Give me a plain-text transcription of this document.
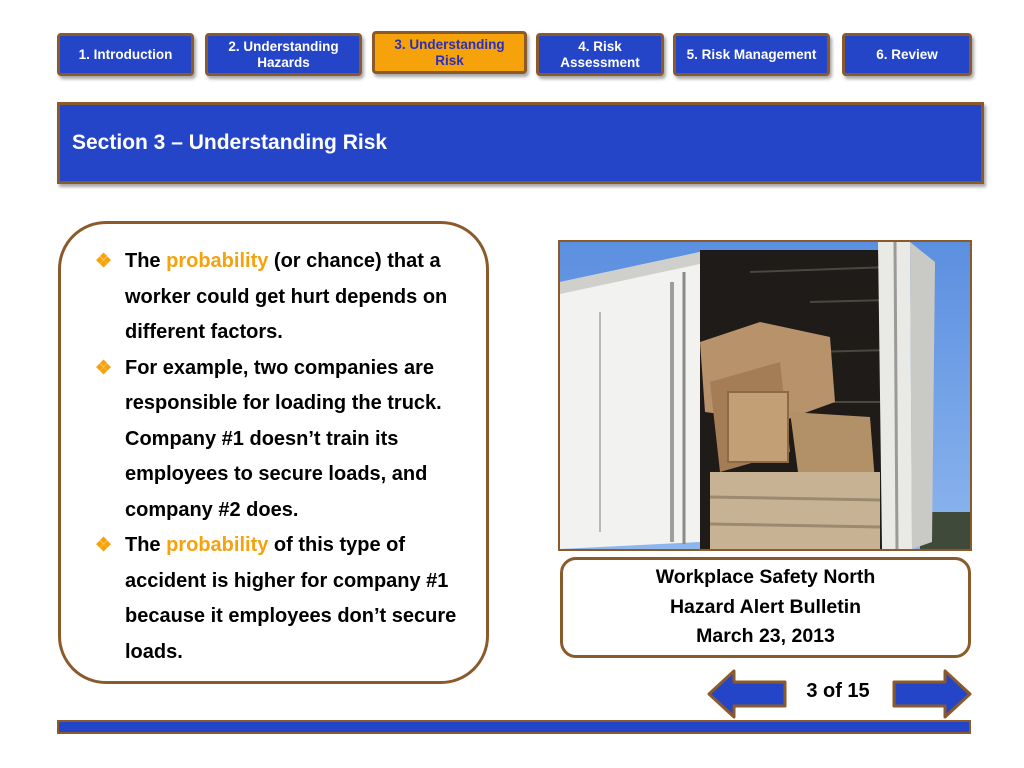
1. Introduction
2. Understanding Hazards
3. Understanding Risk
4. Risk Assessment
5. Risk Management	6. Review
Section 3 – Understanding Risk
❖ The probability (or chance) that a worker could get hurt depends on different factors.
❖ For example, two companies are responsible for loading the truck. Company #1 doesn’t train its employees to secure loads, and company #2 does.
❖ The probability of this type of accident is higher for company #1 because it employees don’t secure loads.
Workplace Safety North
Hazard Alert Bulletin
March 23, 2013
3 of 15
